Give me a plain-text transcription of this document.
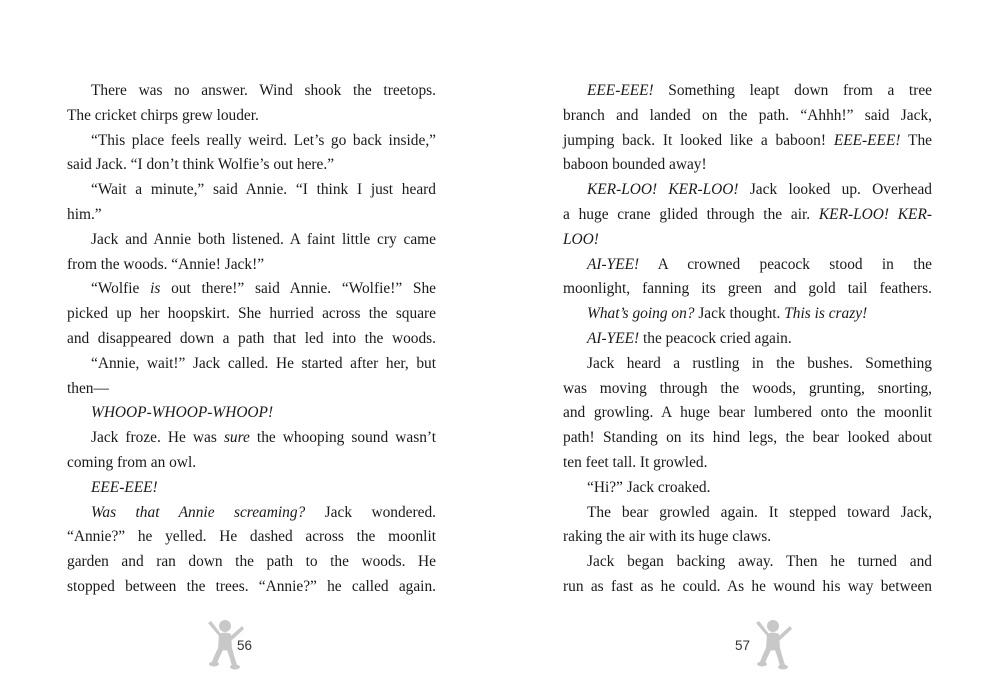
There was no answer. Wind shook the treetops.
The cricket chirps grew louder.
“This place feels really weird. Let’s go back inside,”
said Jack. “I don’t think Wolfie’s out here.”
“Wait a minute,” said Annie. “I think I just heard
him.”
Jack and Annie both listened. A faint little cry came
from the woods. “Annie! Jack!”
“Wolfie is out there!” said Annie. “Wolfie!” She
picked up her hoopskirt. She hurried across the square
and disappeared down a path that led into the woods.
“Annie, wait!” Jack called. He started after her, but
then—
WHOOP-WHOOP-WHOOP!
Jack froze. He was sure the whooping sound wasn’t
coming from an owl.
EEE-EEE!
Was that Annie screaming? Jack wondered.
“Annie?” he yelled. He dashed across the moonlit
garden and ran down the path to the woods. He
stopped between the trees. “Annie?” he called again.
EEE-EEE! Something leapt down from a tree
branch and landed on the path. “Ahhh!” said Jack,
jumping back. It looked like a baboon! EEE-EEE! The
baboon bounded away!
KER-LOO! KER-LOO! Jack looked up. Overhead
a huge crane glided through the air. KER-LOO! KER-
LOO!
AI-YEE! A crowned peacock stood in the
moonlight, fanning its green and gold tail feathers.
What’s going on? Jack thought. This is crazy!
AI-YEE! the peacock cried again.
Jack heard a rustling in the bushes. Something
was moving through the woods, grunting, snorting,
and growling. A huge bear lumbered onto the moonlit
path! Standing on its hind legs, the bear looked about
ten feet tall. It growled.
“Hi?” Jack croaked.
The bear growled again. It stepped toward Jack,
raking the air with its huge claws.
Jack began backing away. Then he turned and
run as fast as he could. As he wound his way between
56	57
